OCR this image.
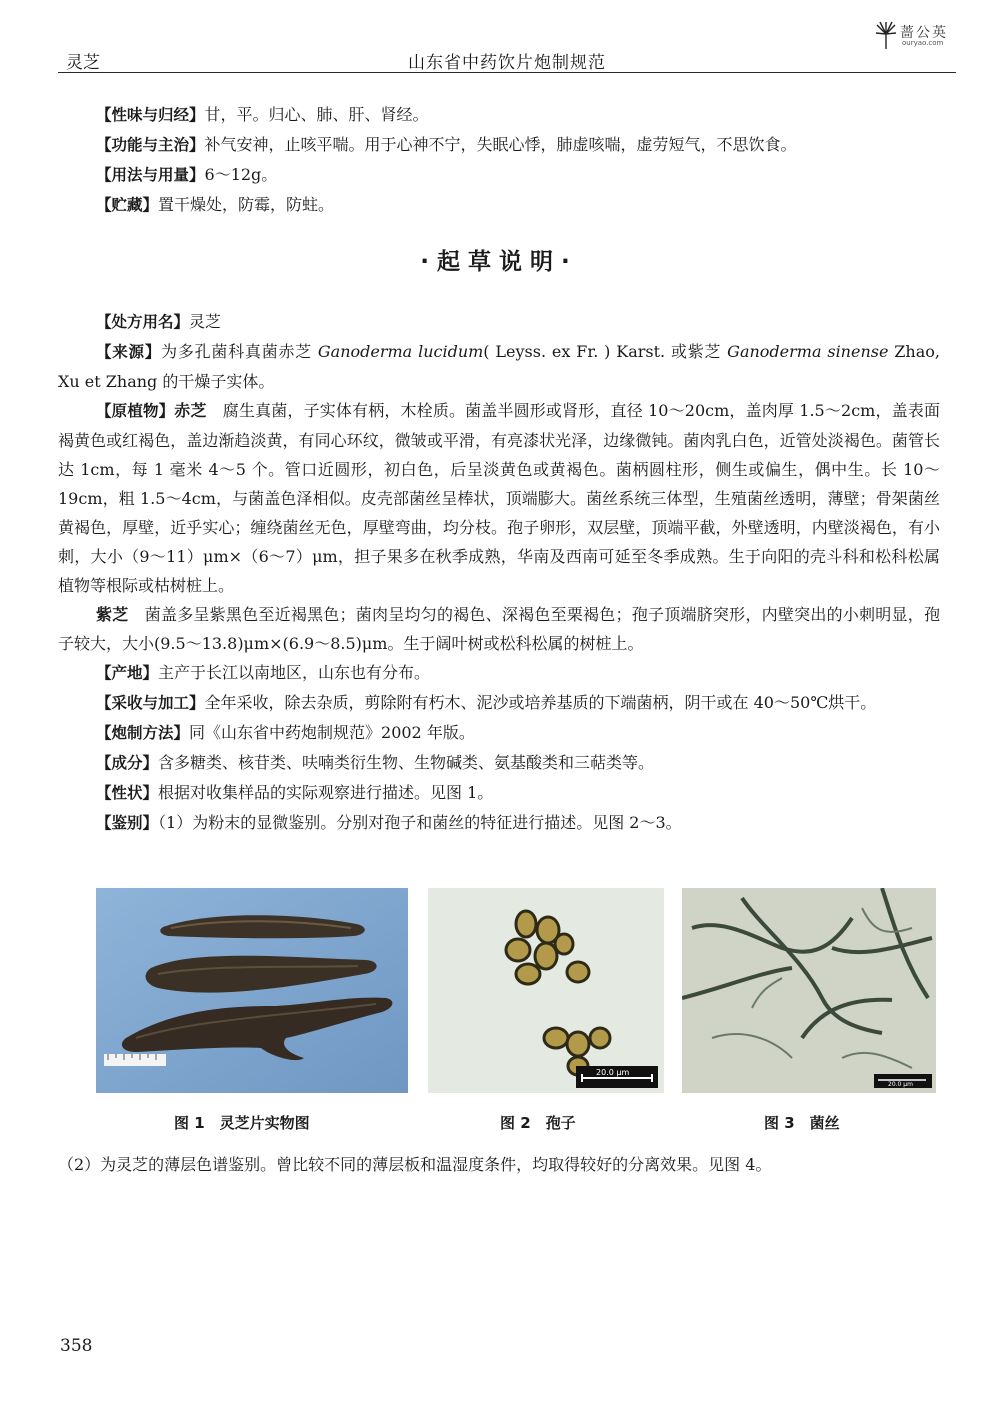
灵芝	山东省中药饮片炮制规范
蔷公英
ouryao.com

【性味与归经】甘，平。归心、肺、肝、肾经。

【功能与主治】补气安神，止咳平喘。用于心神不宁，失眠心悸，肺虚咳喘，虚劳短气，不思饮食。

【用法与用量】6～12g。

【贮藏】置干燥处，防霉，防蛀。

·起草说明·

【处方用名】灵芝

【来源】为多孔菌科真菌赤芝 Ganoderma lucidum( Leyss. ex Fr. ) Karst. 或紫芝 Ganoderma sinense Zhao, Xu et Zhang 的干燥子实体。

【原植物】赤芝　腐生真菌，子实体有柄，木栓质。菌盖半圆形或肾形，直径 10～20cm，盖肉厚 1.5～2cm，盖表面褐黄色或红褐色，盖边渐趋淡黄，有同心环纹，微皱或平滑，有亮漆状光泽，边缘微钝。菌肉乳白色，近管处淡褐色。菌管长达 1cm，每 1 毫米 4～5 个。管口近圆形，初白色，后呈淡黄色或黄褐色。菌柄圆柱形，侧生或偏生，偶中生。长 10～19cm，粗 1.5～4cm，与菌盖色泽相似。皮壳部菌丝呈棒状，顶端膨大。菌丝系统三体型，生殖菌丝透明，薄壁；骨架菌丝黄褐色，厚壁，近乎实心；缠绕菌丝无色，厚壁弯曲，均分枝。孢子卵形，双层壁，顶端平截，外壁透明，内壁淡褐色，有小刺，大小（9～11）μm×（6～7）μm，担子果多在秋季成熟，华南及西南可延至冬季成熟。生于向阳的壳斗科和松科松属植物等根际或枯树桩上。

紫芝　菌盖多呈紫黑色至近褐黑色；菌肉呈均匀的褐色、深褐色至栗褐色；孢子顶端脐突形，内壁突出的小刺明显，孢子较大，大小(9.5～13.8)μm×(6.9～8.5)μm。生于阔叶树或松科松属的树桩上。

【产地】主产于长江以南地区，山东也有分布。

【采收与加工】全年采收，除去杂质，剪除附有朽木、泥沙或培养基质的下端菌柄，阴干或在 40～50℃烘干。

【炮制方法】同《山东省中药炮制规范》2002 年版。

【成分】含多糖类、核苷类、呋喃类衍生物、生物碱类、氨基酸类和三萜类等。

【性状】根据对收集样品的实际观察进行描述。见图 1。

【鉴别】（1）为粉末的显微鉴别。分别对孢子和菌丝的特征进行描述。见图 2～3。

20.0 μm
20.0 μm
图 1　灵芝片实物图	图 2　孢子	图 3　菌丝
（2）为灵芝的薄层色谱鉴别。曾比较不同的薄层板和温湿度条件，均取得较好的分离效果。见图 4。
358
